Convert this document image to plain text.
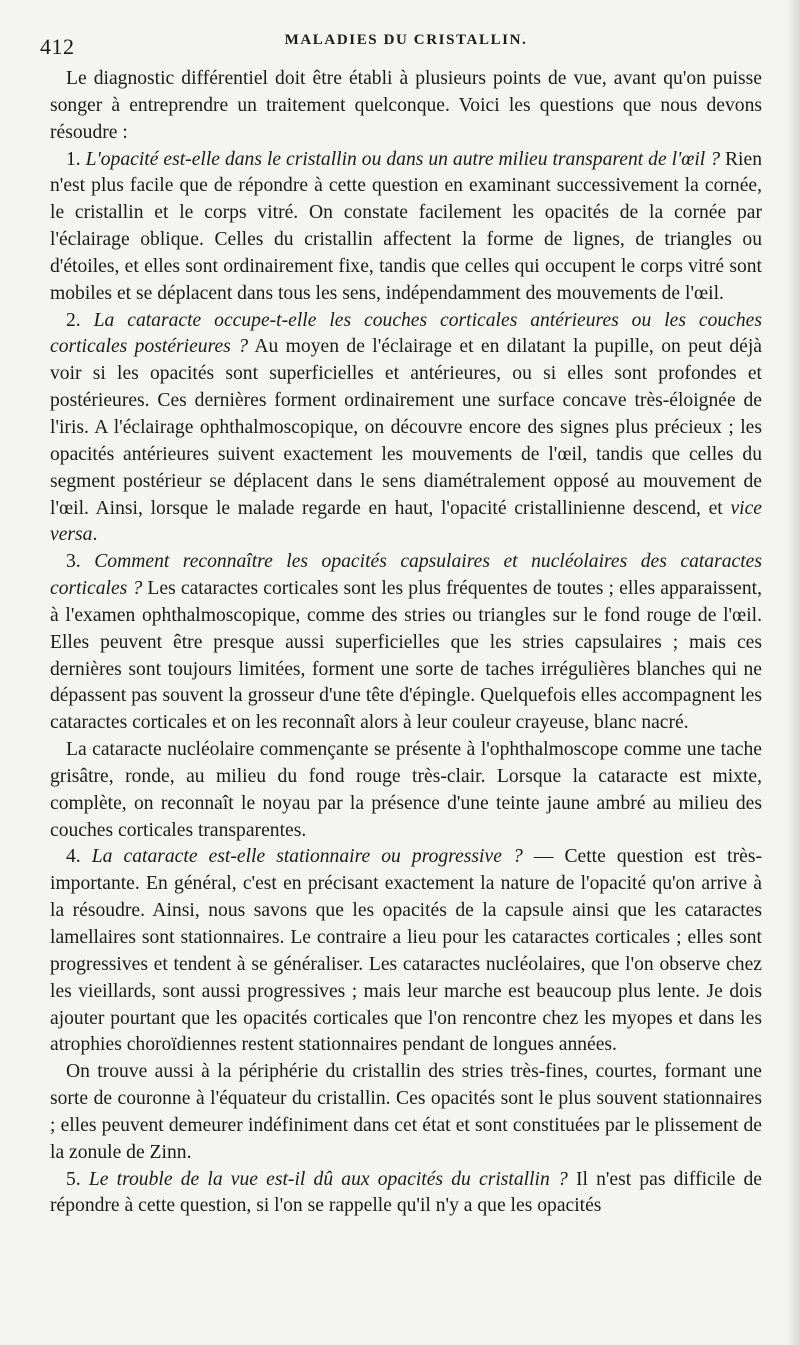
412	MALADIES DU CRISTALLIN.

Le diagnostic différentiel doit être établi à plusieurs points de vue, avant qu'on puisse songer à entreprendre un traitement quelconque. Voici les questions que nous devons résoudre :

1. L'opacité est-elle dans le cristallin ou dans un autre milieu transparent de l'œil ? Rien n'est plus facile que de répondre à cette question en examinant successivement la cornée, le cristallin et le corps vitré. On constate facilement les opacités de la cornée par l'éclairage oblique. Celles du cristallin affectent la forme de lignes, de triangles ou d'étoiles, et elles sont ordinairement fixe, tandis que celles qui occupent le corps vitré sont mobiles et se déplacent dans tous les sens, indépendamment des mouvements de l'œil.

2. La cataracte occupe-t-elle les couches corticales antérieures ou les couches corticales postérieures ? Au moyen de l'éclairage et en dilatant la pupille, on peut déjà voir si les opacités sont superficielles et antérieures, ou si elles sont profondes et postérieures. Ces dernières forment ordinairement une surface concave très-éloignée de l'iris. A l'éclairage ophthalmoscopique, on découvre encore des signes plus précieux ; les opacités antérieures suivent exactement les mouvements de l'œil, tandis que celles du segment postérieur se déplacent dans le sens diamétralement opposé au mouvement de l'œil. Ainsi, lorsque le malade regarde en haut, l'opacité cristallinienne descend, et vice versa.

3. Comment reconnaître les opacités capsulaires et nucléolaires des cataractes corticales ? Les cataractes corticales sont les plus fréquentes de toutes ; elles apparaissent, à l'examen ophthalmoscopique, comme des stries ou triangles sur le fond rouge de l'œil. Elles peuvent être presque aussi superficielles que les stries capsulaires ; mais ces dernières sont toujours limitées, forment une sorte de taches irrégulières blanches qui ne dépassent pas souvent la grosseur d'une tête d'épingle. Quelquefois elles accompagnent les cataractes corticales et on les reconnaît alors à leur couleur crayeuse, blanc nacré.

La cataracte nucléolaire commençante se présente à l'ophthalmoscope comme une tache grisâtre, ronde, au milieu du fond rouge très-clair. Lorsque la cataracte est mixte, complète, on reconnaît le noyau par la présence d'une teinte jaune ambré au milieu des couches corticales transparentes.

4. La cataracte est-elle stationnaire ou progressive ? — Cette question est très-importante. En général, c'est en précisant exactement la nature de l'opacité qu'on arrive à la résoudre. Ainsi, nous savons que les opacités de la capsule ainsi que les cataractes lamellaires sont stationnaires. Le contraire a lieu pour les cataractes corticales ; elles sont progressives et tendent à se généraliser. Les cataractes nucléolaires, que l'on observe chez les vieillards, sont aussi progressives ; mais leur marche est beaucoup plus lente. Je dois ajouter pourtant que les opacités corticales que l'on rencontre chez les myopes et dans les atrophies choroïdiennes restent stationnaires pendant de longues années.

On trouve aussi à la périphérie du cristallin des stries très-fines, courtes, formant une sorte de couronne à l'équateur du cristallin. Ces opacités sont le plus souvent stationnaires ; elles peuvent demeurer indéfiniment dans cet état et sont constituées par le plissement de la zonule de Zinn.

5. Le trouble de la vue est-il dû aux opacités du cristallin ? Il n'est pas difficile de répondre à cette question, si l'on se rappelle qu'il n'y a que les opacités
